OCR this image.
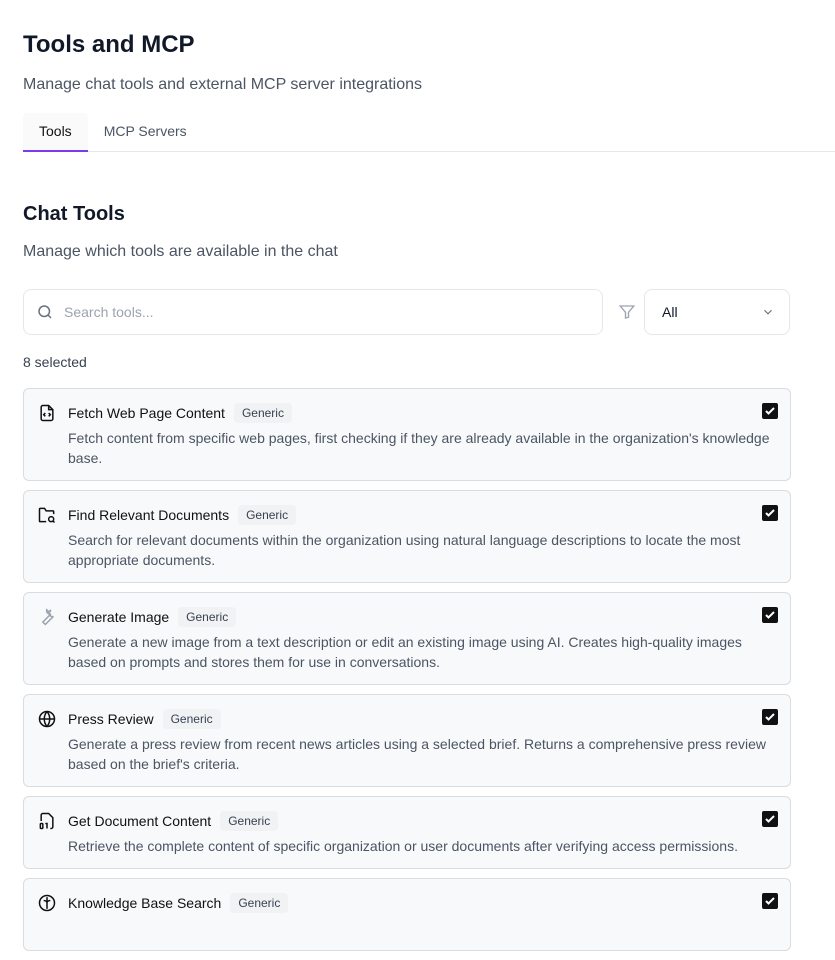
Tools and MCP
Manage chat tools and external MCP server integrations
Tools	MCP Servers
Chat Tools
Manage which tools are available in the chat
Search tools...
All
8 selected
Fetch Web Page Content	Generic
Fetch content from specific web pages, first checking if they are already available in the organization's knowledge base.
Find Relevant Documents	Generic
Search for relevant documents within the organization using natural language descriptions to locate the most appropriate documents.
Generate Image	Generic
Generate a new image from a text description or edit an existing image using AI. Creates high-quality images based on prompts and stores them for use in conversations.
Press Review	Generic
Generate a press review from recent news articles using a selected brief. Returns a comprehensive press review based on the brief's criteria.
Get Document Content	Generic
Retrieve the complete content of specific organization or user documents after verifying access permissions.
Knowledge Base Search	Generic
